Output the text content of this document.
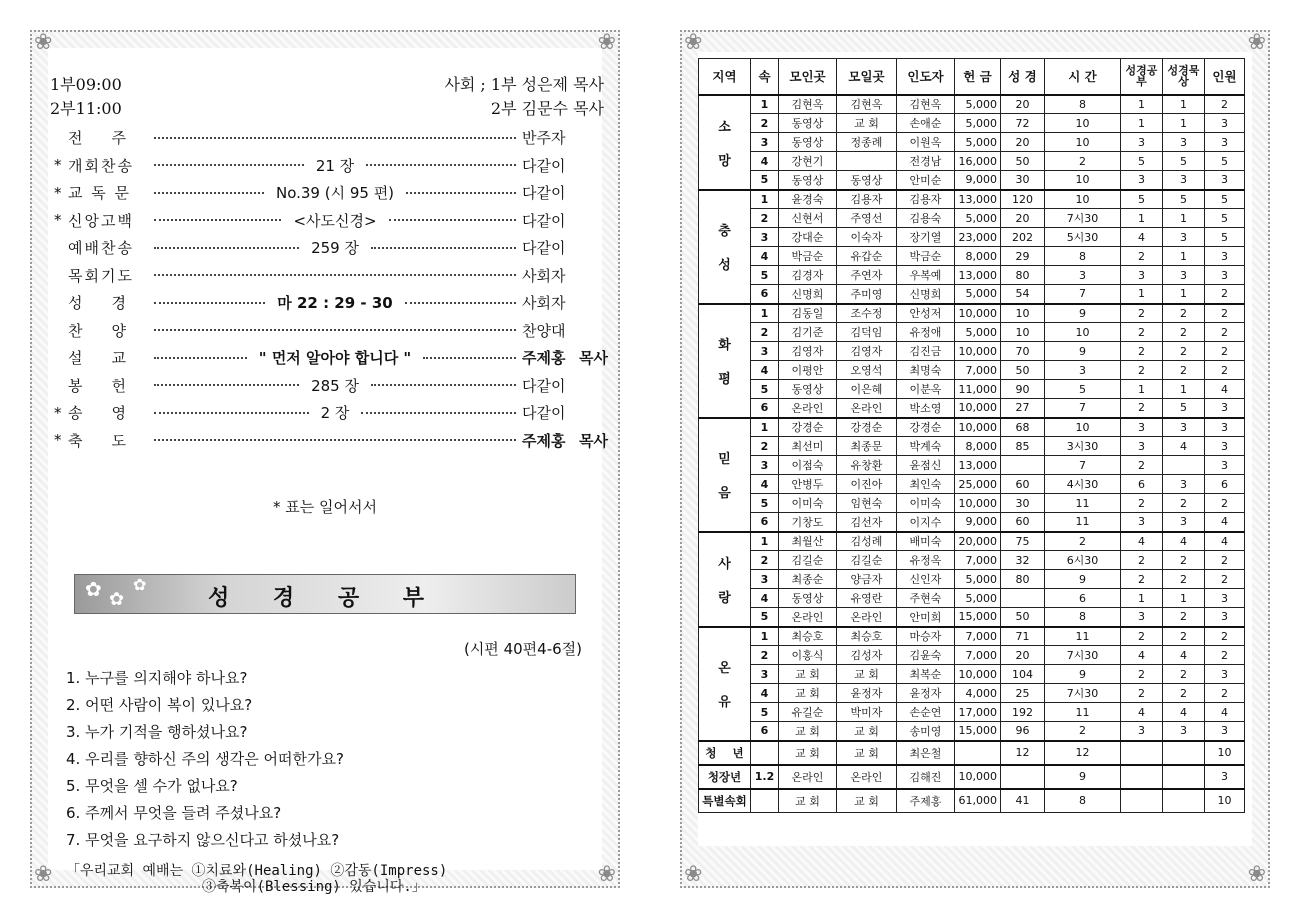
❀	❀
❀	❀
1부09:00
2부11:00
사회 ; 1부 성은제 목사
2부 김문수 목사
전    주	반주자
* 개회찬송	21 장	다같이
* 교 독 문	No.39 (시 95 편)	다같이
* 신앙고백	<사도신경>	다같이
예배찬송	259 장	다같이
목회기도	사회자
성    경	마 22 : 29 - 30	사회자
찬    양	찬양대
설    교	" 먼저 알아야 합니다 "	주제홍 목사
봉    헌	285 장	다같이
* 송    영	2 장	다같이
* 축    도	주제홍 목사
* 표는 일어서서
✿ ✿
✿
성 경 공 부
(시편 40편4-6절)
1. 누구를 의지해야 하나요?
2. 어떤 사람이 복이 있나요?
3. 누가 기적을 행하셨나요?
4. 우리를 향하신 주의 생각은 어떠한가요?
5. 무엇을 셀 수가 없나요?
6. 주께서 무엇을 들려 주셨나요?
7. 무엇을 요구하지 않으신다고 하셨나요?
「우리교회 예배는 ①치료와(Healing) ②감동(Impress)
③축복이(Blessing) 있습니다.」
❀	❀
❀	❀
지역	속	모인곳	모일곳	인도자	헌 금	성 경	시 간	성경공부	성경묵상	인원
소

망	1	김현옥	김현옥	김현옥	5,000	20	8	1	1	2
	2	동영상	교 회	손애순	5,000	72	10	1	1	3
	3	동영상	정종례	이원옥	5,000	20	10	3	3	3
	4	강현기		전경남	16,000	50	2	5	5	5
	5	동영상	동영상	안미순	9,000	30	10	3	3	3
충

성	1	윤경숙	김용자	김용자	13,000	120	10	5	5	5
	2	신현서	주영선	김용숙	5,000	20	7시30	1	1	5
	3	강대순	이숙자	장기열	23,000	202	5시30	4	3	5
	4	박금순	유갑순	박금순	8,000	29	8	2	1	3
	5	김경자	주연자	우복예	13,000	80	3	3	3	3
	6	신명희	주미영	신명희	5,000	54	7	1	1	2
화

평	1	김동일	조수정	안성저	10,000	10	9	2	2	2
	2	김기준	김덕임	유정애	5,000	10	10	2	2	2
	3	김영자	김영자	김진금	10,000	70	9	2	2	2
	4	이평안	오영석	최명숙	7,000	50	3	2	2	2
	5	동영상	이은혜	이분옥	11,000	90	5	1	1	4
	6	온라인	온라인	박소영	10,000	27	7	2	5	3
믿

음	1	강경순	강경순	강경순	10,000	68	10	3	3	3
	2	최선미	최종문	박계숙	8,000	85	3시30	3	4	3
	3	이점숙	유창환	윤점신	13,000		7	2		3
	4	안병두	이진아	최인숙	25,000	60	4시30	6	3	6
	5	이미숙	임현숙	이미숙	10,000	30	11	2	2	2
	6	기창도	김선자	이지수	9,000	60	11	3	3	4
사

랑	1	최월산	김성례	배미숙	20,000	75	2	4	4	4
	2	김길순	김길순	유정옥	7,000	32	6시30	2	2	2
	3	최종순	양금자	신인자	5,000	80	9	2	2	2
	4	동영상	유영란	주현숙	5,000		6	1	1	3
	5	온라인	온라인	안미희	15,000	50	8	3	2	3
온

유	1	최승호	최승호	마승자	7,000	71	11	2	2	2
	2	이홍식	김성자	김윤숙	7,000	20	7시30	4	4	2
	3	교 회	교 회	최복순	10,000	104	9	2	2	3
	4	교 회	윤정자	윤정자	4,000	25	7시30	2	2	2
	5	유길순	박미자	손순연	17,000	192	11	4	4	4
	6	교 회	교 회	송미영	15,000	96	2	3	3	3
청    년		교 회	교 회	최은철		12	12			10
청장년	1.2	온라인	온라인	김해진	10,000		9			3
특별속회		교 회	교 회	주제홍	61,000	41	8			10
